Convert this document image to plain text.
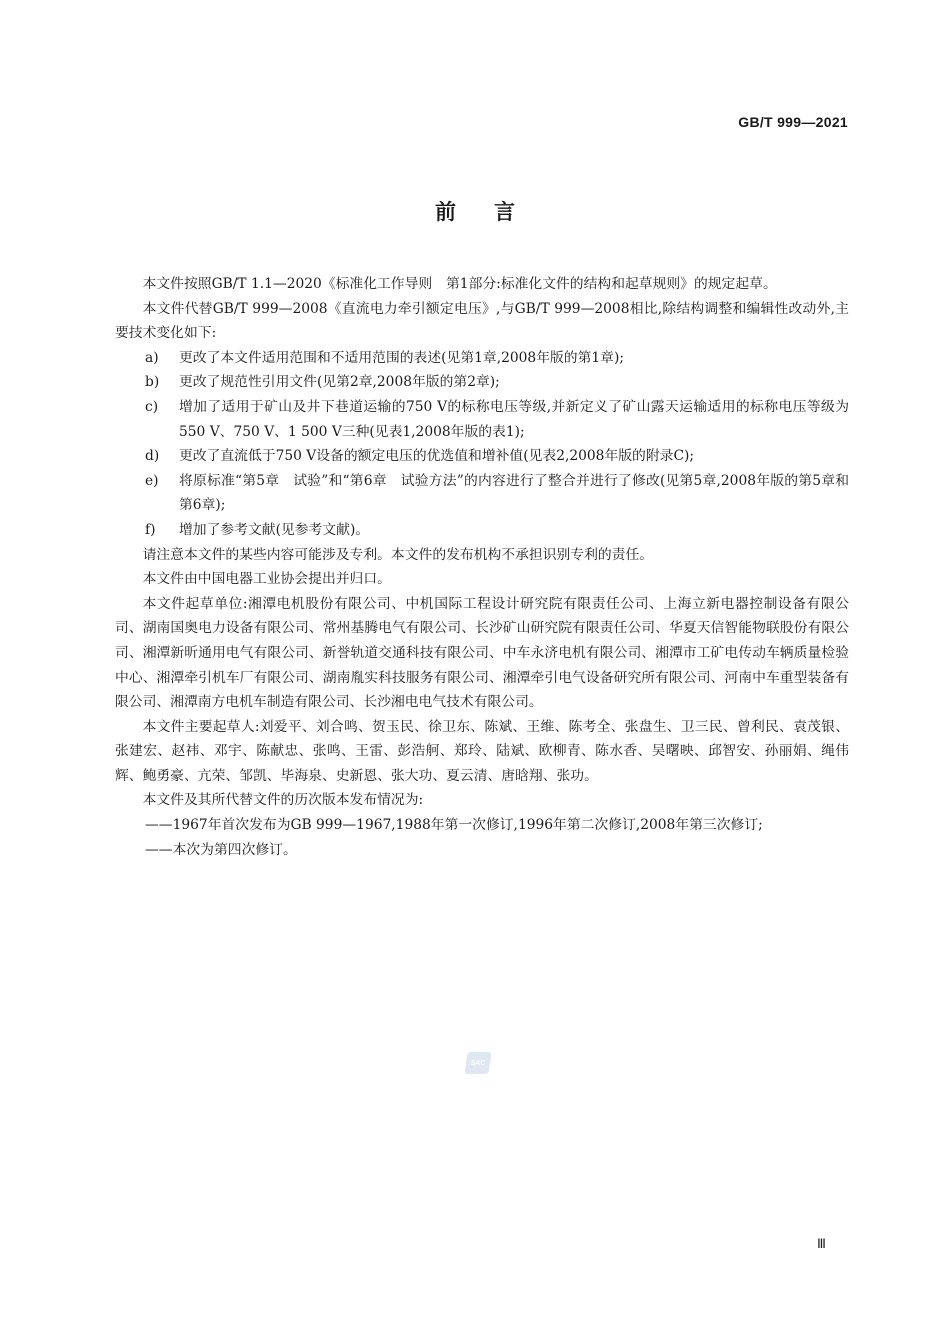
GB/T 999—2021
前言

本文件按照GB/T 1.1—2020《标准化工作导则　第1部分:标准化文件的结构和起草规则》的规定起草。

本文件代替GB/T 999—2008《直流电力牵引额定电压》,与GB/T 999—2008相比,除结构调整和编辑性改动外,主要技术变化如下:

a) 更改了本文件适用范围和不适用范围的表述(见第1章,2008年版的第1章);

b) 更改了规范性引用文件(见第2章,2008年版的第2章);

c) 增加了适用于矿山及井下巷道运输的750 V的标称电压等级,并新定义了矿山露天运输适用的标称电压等级为550 V、750 V、1 500 V三种(见表1,2008年版的表1);

d) 更改了直流低于750 V设备的额定电压的优选值和增补值(见表2,2008年版的附录C);

e) 将原标准“第5章　试验”和“第6章　试验方法”的内容进行了整合并进行了修改(见第5章,2008年版的第5章和第6章);

f) 增加了参考文献(见参考文献)。

请注意本文件的某些内容可能涉及专利。本文件的发布机构不承担识别专利的责任。

本文件由中国电器工业协会提出并归口。

本文件起草单位:湘潭电机股份有限公司、中机国际工程设计研究院有限责任公司、上海立新电器控制设备有限公司、湖南国奥电力设备有限公司、常州基腾电气有限公司、长沙矿山研究院有限责任公司、华夏天信智能物联股份有限公司、湘潭新昕通用电气有限公司、新誉轨道交通科技有限公司、中车永济电机有限公司、湘潭市工矿电传动车辆质量检验中心、湘潭牵引机车厂有限公司、湖南胤实科技服务有限公司、湘潭牵引电气设备研究所有限公司、河南中车重型装备有限公司、湘潭南方电机车制造有限公司、长沙湘电电气技术有限公司。

本文件主要起草人:刘爱平、刘合鸣、贺玉民、徐卫东、陈斌、王维、陈考全、张盘生、卫三民、曾利民、袁茂银、张建宏、赵祎、邓宇、陈献忠、张鸣、王雷、彭浩舸、郑玲、陆斌、欧柳青、陈水香、吴曙映、邱智安、孙丽娟、绳伟辉、鲍勇豪、亢荣、邹凯、毕海泉、史新恩、张大功、夏云清、唐晗翔、张功。

本文件及其所代替文件的历次版本发布情况为:

——1967年首次发布为GB 999—1967,1988年第一次修订,1996年第二次修订,2008年第三次修订;

——本次为第四次修订。

SAC
Ⅲ
